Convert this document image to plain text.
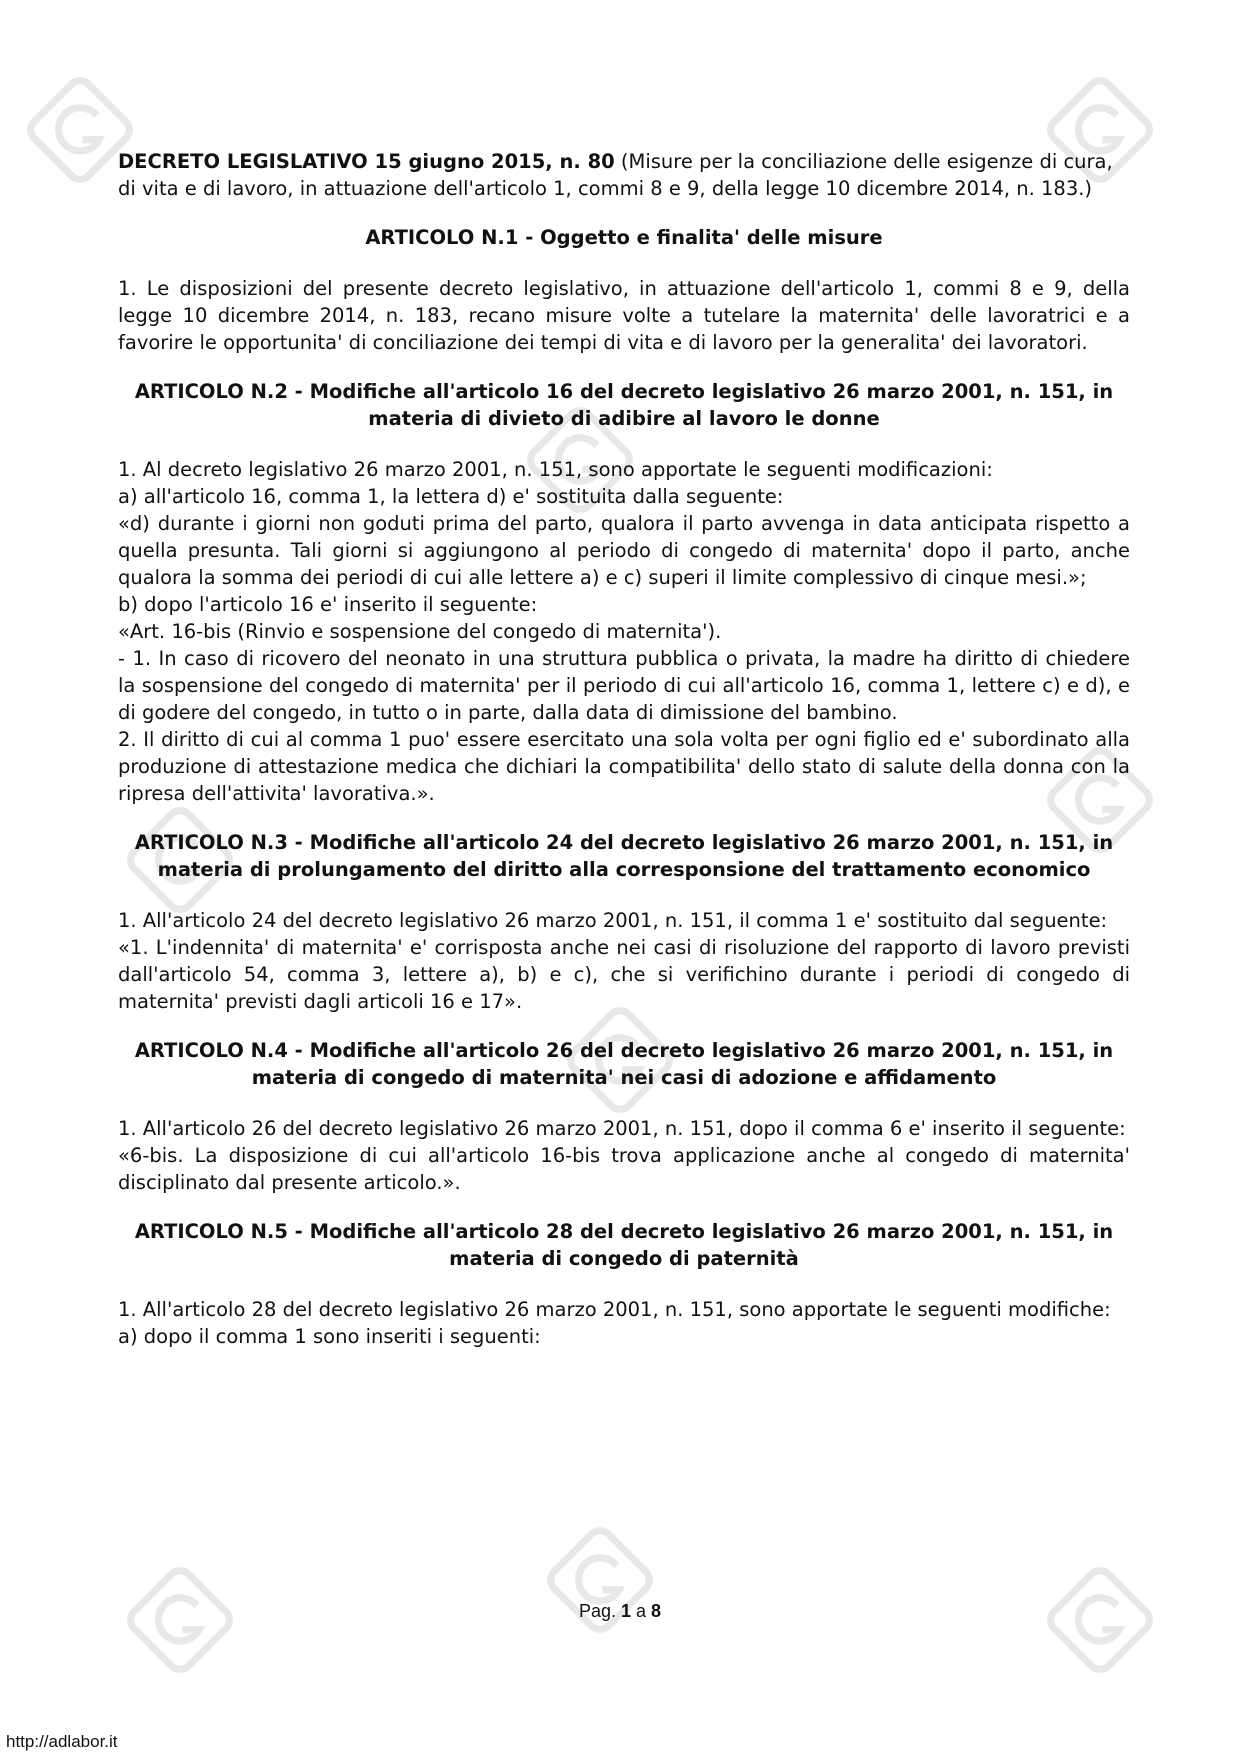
DECRETO LEGISLATIVO 15 giugno 2015, n. 80 (Misure per la conciliazione delle esigenze di cura, di vita e di lavoro, in attuazione dell'articolo 1, commi 8 e 9, della legge 10 dicembre 2014, n. 183.)

ARTICOLO N.1 - Oggetto e finalita' delle misure

1. Le disposizioni del presente decreto legislativo, in attuazione dell'articolo 1, commi 8 e 9, della legge 10 dicembre 2014, n. 183, recano misure volte a tutelare la maternita' delle lavoratrici e a favorire le opportunita' di conciliazione dei tempi di vita e di lavoro per la generalita' dei lavoratori.

ARTICOLO N.2 - Modifiche all'articolo 16 del decreto legislativo 26 marzo 2001, n. 151, in materia di divieto di adibire al lavoro le donne

1. Al decreto legislativo 26 marzo 2001, n. 151, sono apportate le seguenti modificazioni:

a) all'articolo 16, comma 1, la lettera d) e' sostituita dalla seguente:

«d) durante i giorni non goduti prima del parto, qualora il parto avvenga in data anticipata rispetto a quella presunta. Tali giorni si aggiungono al periodo di congedo di maternita' dopo il parto, anche qualora la somma dei periodi di cui alle lettere a) e c) superi il limite complessivo di cinque mesi.»;

b) dopo l'articolo 16 e' inserito il seguente:

«Art. 16-bis (Rinvio e sospensione del congedo di maternita').

- 1. In caso di ricovero del neonato in una struttura pubblica o privata, la madre ha diritto di chiedere la sospensione del congedo di maternita' per il periodo di cui all'articolo 16, comma 1, lettere c) e d), e di godere del congedo, in tutto o in parte, dalla data di dimissione del bambino.

2. Il diritto di cui al comma 1 puo' essere esercitato una sola volta per ogni figlio ed e' subordinato alla produzione di attestazione medica che dichiari la compatibilita' dello stato di salute della donna con la ripresa dell'attivita' lavorativa.».

ARTICOLO N.3 - Modifiche all'articolo 24 del decreto legislativo 26 marzo 2001, n. 151, in materia di prolungamento del diritto alla corresponsione del trattamento economico

1. All'articolo 24 del decreto legislativo 26 marzo 2001, n. 151, il comma 1 e' sostituito dal seguente:

«1. L'indennita' di maternita' e' corrisposta anche nei casi di risoluzione del rapporto di lavoro previsti dall'articolo 54, comma 3, lettere a), b) e c), che si verifichino durante i periodi di congedo di maternita' previsti dagli articoli 16 e 17».

ARTICOLO N.4 - Modifiche all'articolo 26 del decreto legislativo 26 marzo 2001, n. 151, in materia di congedo di maternita' nei casi di adozione e affidamento

1. All'articolo 26 del decreto legislativo 26 marzo 2001, n. 151, dopo il comma 6 e' inserito il seguente:

«6-bis. La disposizione di cui all'articolo 16-bis trova applicazione anche al congedo di maternita' disciplinato dal presente articolo.».

ARTICOLO N.5 - Modifiche all'articolo 28 del decreto legislativo 26 marzo 2001, n. 151, in materia di congedo di paternità

1. All'articolo 28 del decreto legislativo 26 marzo 2001, n. 151, sono apportate le seguenti modifiche:

a) dopo il comma 1 sono inseriti i seguenti:

Pag. 1 a 8
http://adlabor.it
